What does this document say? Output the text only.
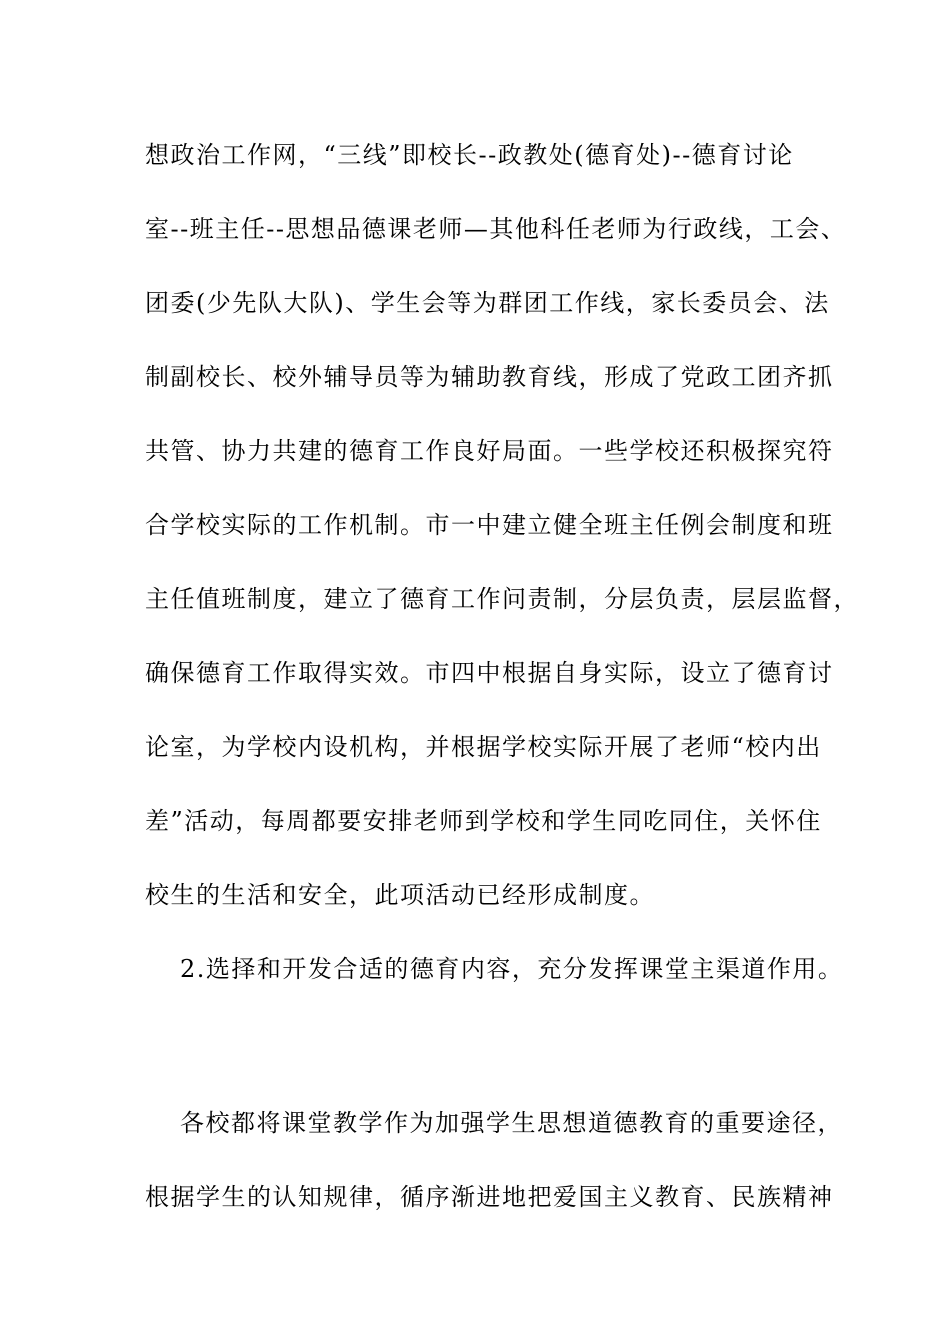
想政治工作网，“三线”即校长--政教处(德育处)--德育讨论
室--班主任--思想品德课老师—其他科任老师为行政线，工会、
团委(少先队大队)、学生会等为群团工作线，家长委员会、法
制副校长、校外辅导员等为辅助教育线，形成了党政工团齐抓
共管、协力共建的德育工作良好局面。一些学校还积极探究符
合学校实际的工作机制。市一中建立健全班主任例会制度和班
主任值班制度，建立了德育工作问责制，分层负责，层层监督，
确保德育工作取得实效。市四中根据自身实际，设立了德育讨
论室，为学校内设机构，并根据学校实际开展了老师“校内出
差”活动，每周都要安排老师到学校和学生同吃同住，关怀住
校生的生活和安全，此项活动已经形成制度。
2.选择和开发合适的德育内容，充分发挥课堂主渠道作用。
各校都将课堂教学作为加强学生思想道德教育的重要途径，
根据学生的认知规律，循序渐进地把爱国主义教育、民族精神
